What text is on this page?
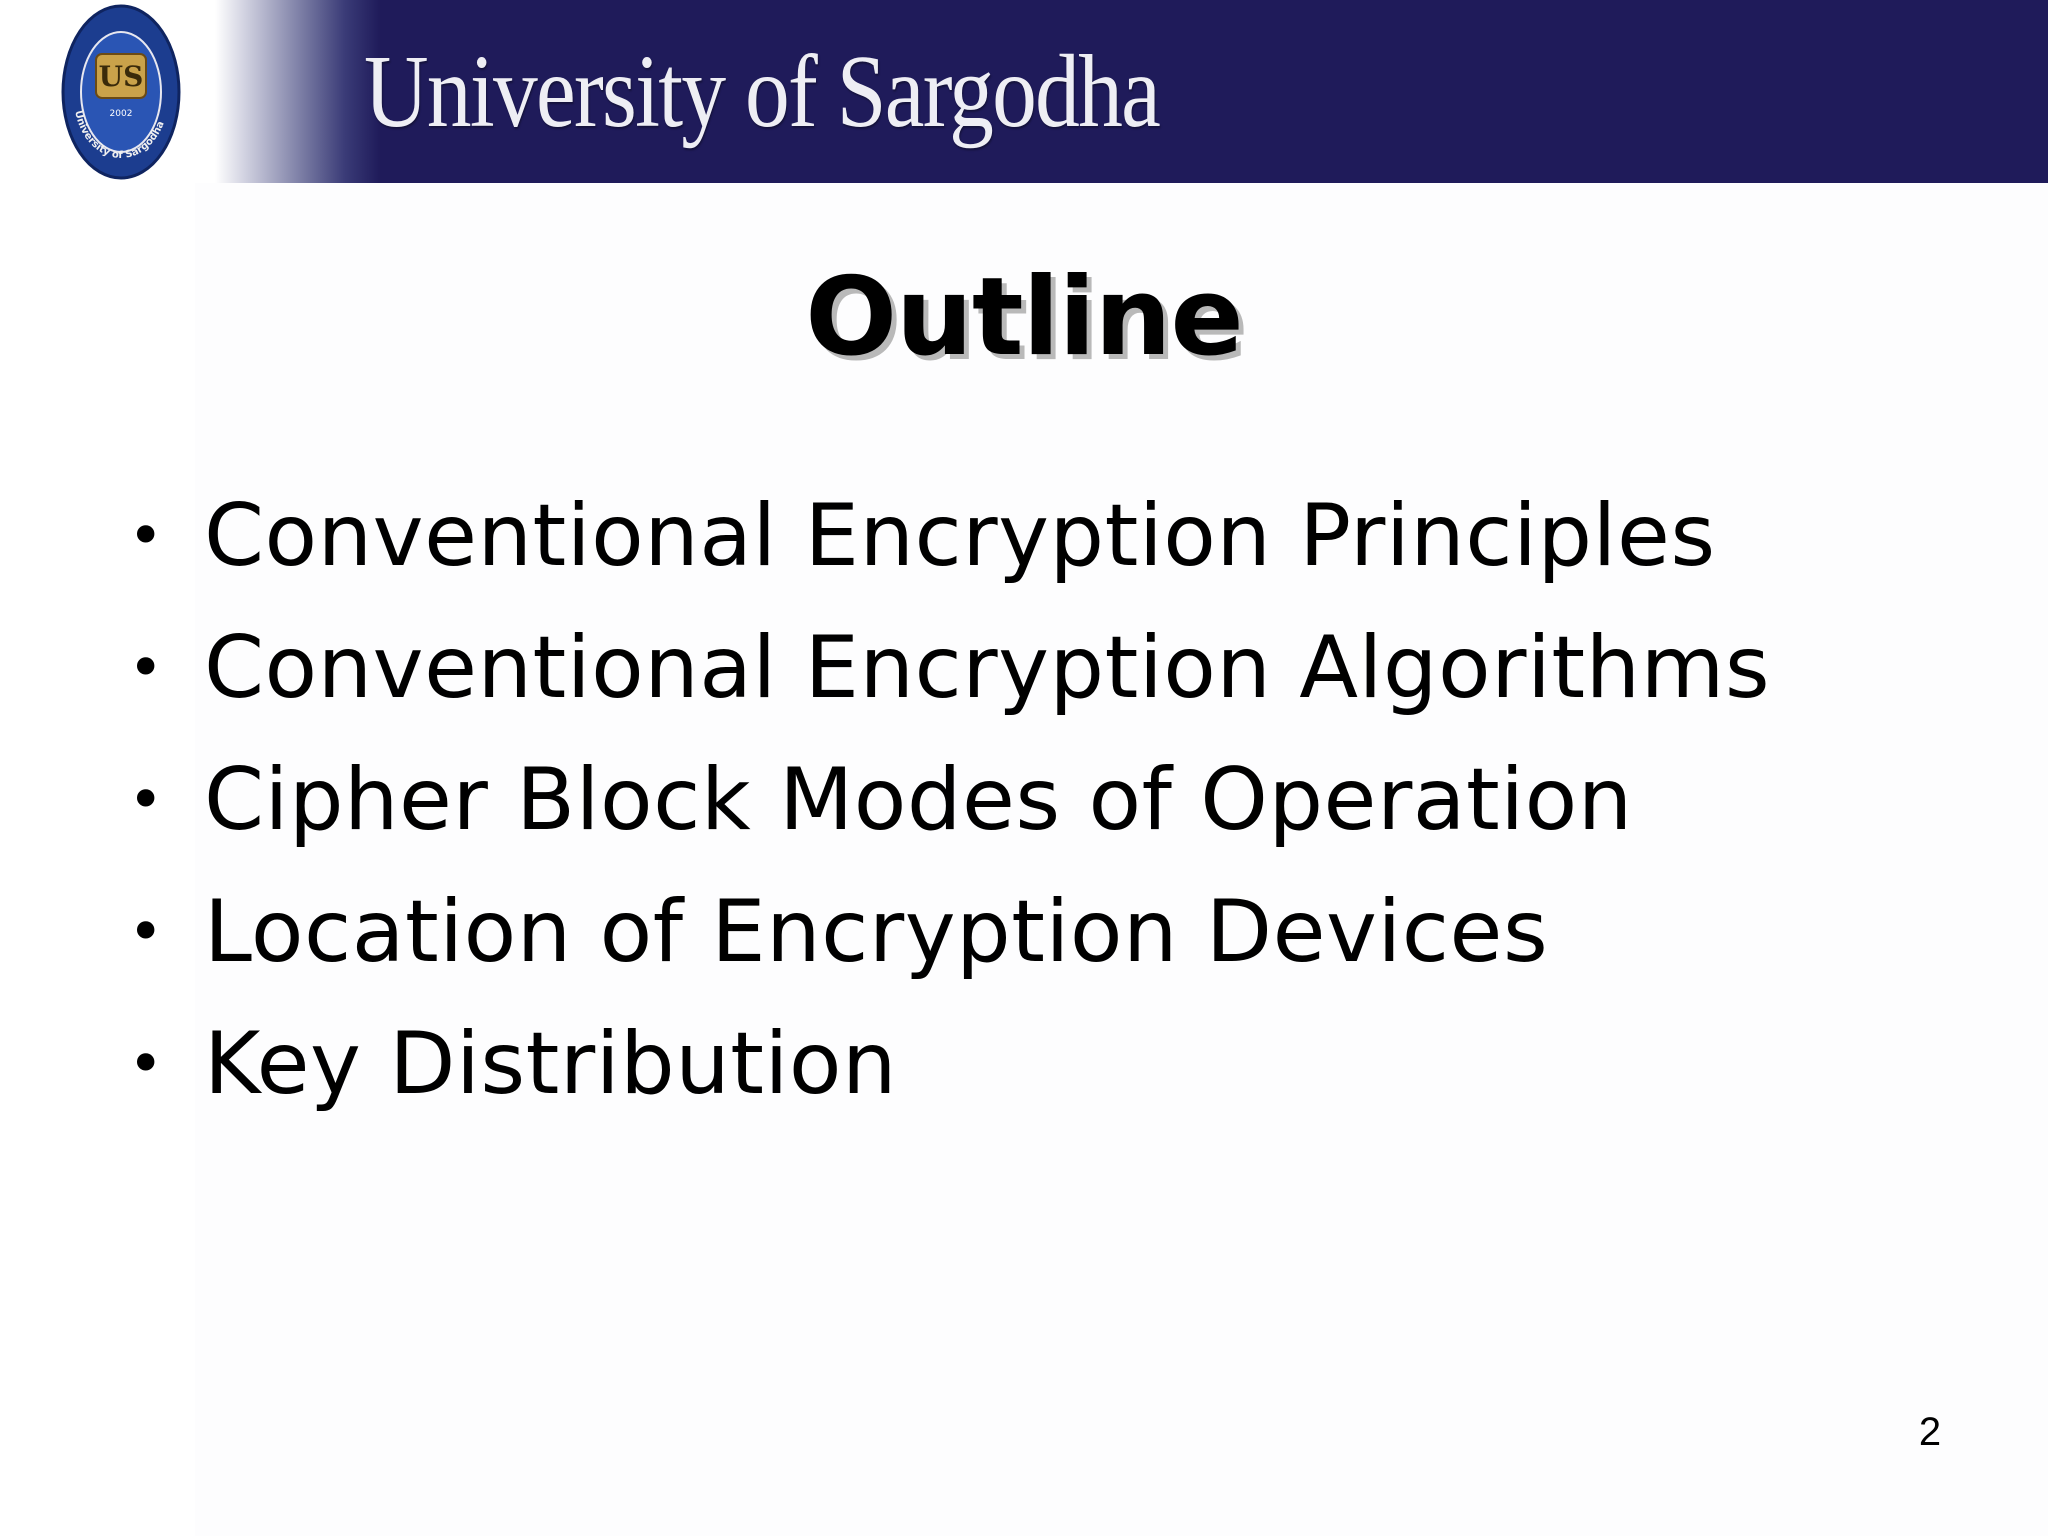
University of Sargodha
US
2002 University of Sargodha
Outline
• Conventional Encryption Principles
• Conventional Encryption Algorithms
• Cipher Block Modes of Operation
• Location of Encryption Devices
• Key Distribution
2
